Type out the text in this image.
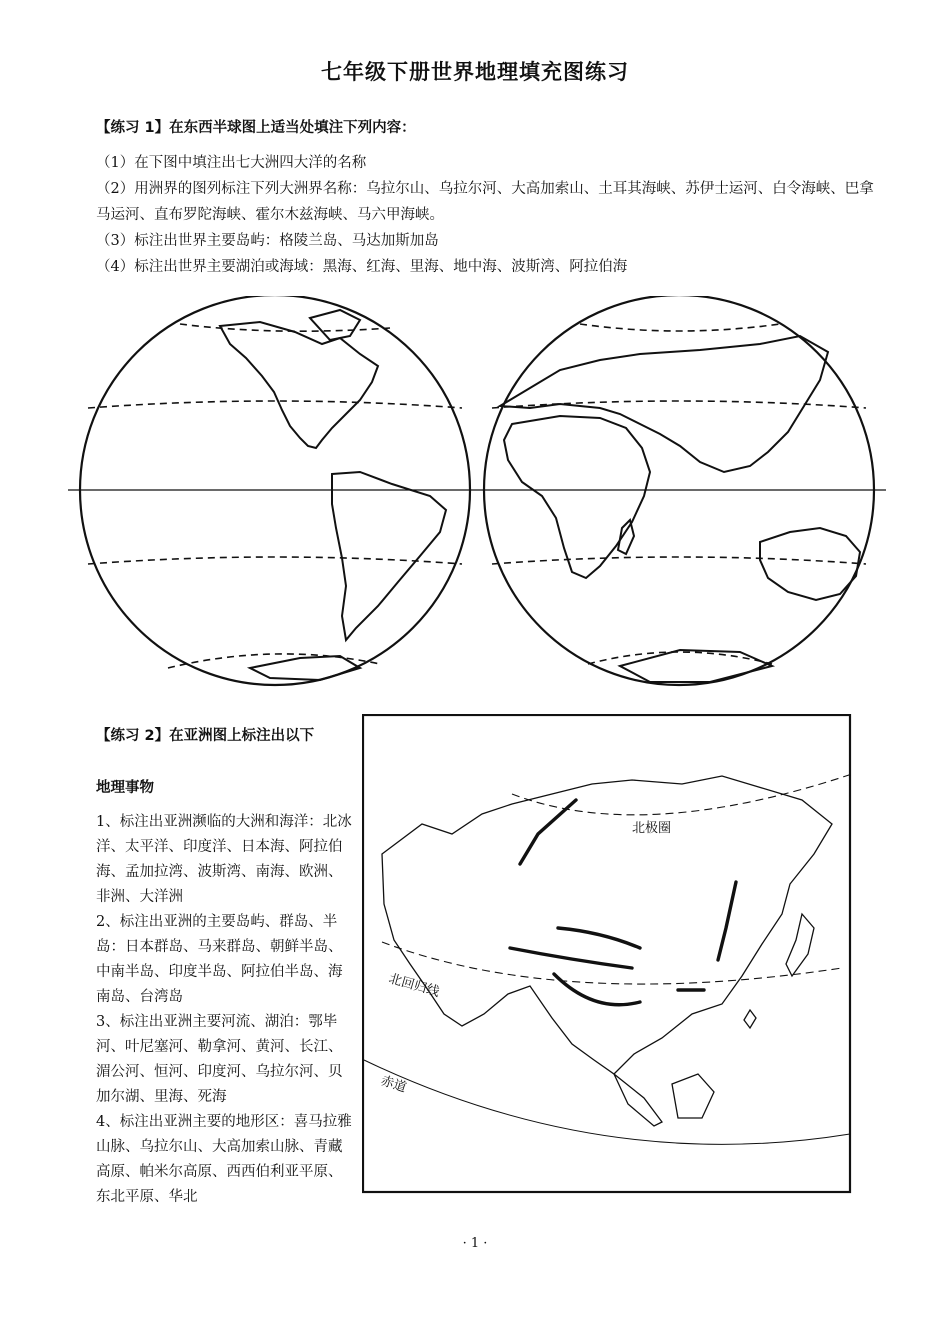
七年级下册世界地理填充图练习
【练习 1】在东西半球图上适当处填注下列内容：

（1）在下图中填注出七大洲四大洋的名称

（2）用洲界的图列标注下列大洲界名称：乌拉尔山、乌拉尔河、大高加索山、土耳其海峡、苏伊士运河、白令海峡、巴拿马运河、直布罗陀海峡、霍尔木兹海峡、马六甲海峡。

（3）标注出世界主要岛屿：格陵兰岛、马达加斯加岛

（4）标注出世界主要湖泊或海域：黑海、红海、里海、地中海、波斯湾、阿拉伯海

【练习 2】在亚洲图上标注出以下
地理事物

1、标注出亚洲濒临的大洲和海洋：北冰洋、太平洋、印度洋、日本海、阿拉伯海、孟加拉湾、波斯湾、南海、欧洲、非洲、大洋洲

2、标注出亚洲的主要岛屿、群岛、半岛：日本群岛、马来群岛、朝鲜半岛、中南半岛、印度半岛、阿拉伯半岛、海南岛、台湾岛

3、标注出亚洲主要河流、湖泊：鄂毕河、叶尼塞河、勒拿河、黄河、长江、湄公河、恒河、印度河、乌拉尔河、贝加尔湖、里海、死海

4、标注出亚洲主要的地形区：喜马拉雅山脉、乌拉尔山、大高加索山脉、青藏高原、帕米尔高原、西西伯利亚平原、东北平原、华北

北极圈
北回归线
赤道
· 1 ·
